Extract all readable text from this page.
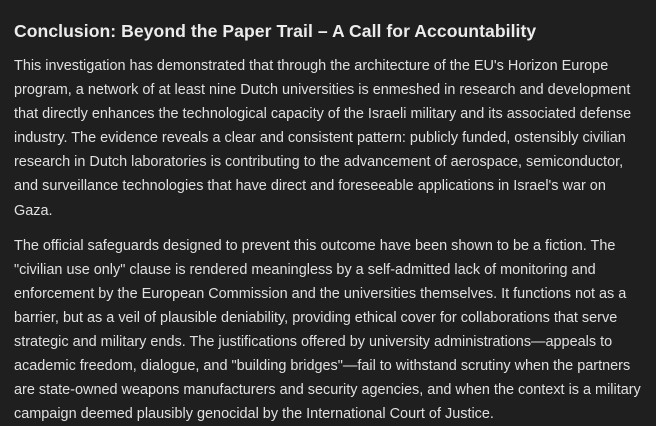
Conclusion: Beyond the Paper Trail – A Call for Accountability

This investigation has demonstrated that through the architecture of the EU's Horizon Europe program, a network of at least nine Dutch universities is enmeshed in research and development that directly enhances the technological capacity of the Israeli military and its associated defense industry. The evidence reveals a clear and consistent pattern: publicly funded, ostensibly civilian research in Dutch laboratories is contributing to the advancement of aerospace, semiconductor, and surveillance technologies that have direct and foreseeable applications in Israel's war on Gaza.

The official safeguards designed to prevent this outcome have been shown to be a fiction. The "civilian use only" clause is rendered meaningless by a self-admitted lack of monitoring and enforcement by the European Commission and the universities themselves. It functions not as a barrier, but as a veil of plausible deniability, providing ethical cover for collaborations that serve strategic and military ends. The justifications offered by university administrations—appeals to academic freedom, dialogue, and "building bridges"—fail to withstand scrutiny when the partners are state-owned weapons manufacturers and security agencies, and when the context is a military campaign deemed plausibly genocidal by the International Court of Justice.
